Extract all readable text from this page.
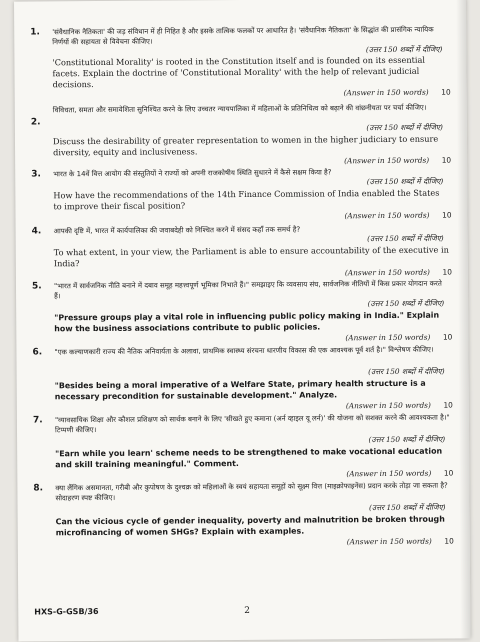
1. 'संवैधानिक नैतिकता' की जड़ संविधान में ही निहित है और इसके तात्विक फलकों पर आधारित है। 'संवैधानिक नैतिकता' के सिद्धांत की प्रासंगिक न्यायिक निर्णयों की सहायता से विवेचना कीजिए।
(उत्तर 150 शब्दों में दीजिए)
'Constitutional Morality' is rooted in the Constitution itself and is founded on its essential facets. Explain the doctrine of 'Constitutional Morality' with the help of relevant judicial decisions.
(Answer in 150 words) 10
2.
विविधता, समता और समावेशिता सुनिश्चित करने के लिए उच्चतर न्यायपालिका में महिलाओं के प्रतिनिधित्व को बढ़ाने की वांछनीयता पर चर्चा कीजिए।
(उत्तर 150 शब्दों में दीजिए)
Discuss the desirability of greater representation to women in the higher judiciary to ensure diversity, equity and inclusiveness.
(Answer in 150 words) 10
3. भारत के 14वें वित्त आयोग की संस्तुतियों ने राज्यों को अपनी राजकोषीय स्थिति सुधारने में कैसे सक्षम किया है?
(उत्तर 150 शब्दों में दीजिए)
How have the recommendations of the 14th Finance Commission of India enabled the States to improve their fiscal position?
(Answer in 150 words) 10
4. आपकी दृष्टि में, भारत में कार्यपालिका की जवाबदेही को निश्चित करने में संसद कहाँ तक समर्थ है?
(उत्तर 150 शब्दों में दीजिए)
To what extent, in your view, the Parliament is able to ensure accountability of the executive in India?
(Answer in 150 words) 10
5. "भारत में सार्वजनिक नीति बनाने में दबाव समूह महत्त्वपूर्ण भूमिका निभाते हैं।" समझाइए कि व्यवसाय संघ, सार्वजनिक नीतियों में किस प्रकार योगदान करते हैं।
(उत्तर 150 शब्दों में दीजिए)
"Pressure groups play a vital role in influencing public policy making in India." Explain how the business associations contribute to public policies.
(Answer in 150 words) 10
6. "एक कल्याणकारी राज्य की नैतिक अनिवार्यता के अलावा, प्राथमिक स्वास्थ्य संरचना धारणीय विकास की एक आवश्यक पूर्व शर्त है।" विश्लेषण कीजिए।
(उत्तर 150 शब्दों में दीजिए)
"Besides being a moral imperative of a Welfare State, primary health structure is a necessary precondition for sustainable development." Analyze.
(Answer in 150 words) 10
7. "व्यावसायिक शिक्षा और कौशल प्रशिक्षण को सार्थक बनाने के लिए 'सीखते हुए कमाना (अर्न व्हाइल यू लर्न)' की योजना को सशक्त करने की आवश्यकता है।" टिप्पणी कीजिए।
(उत्तर 150 शब्दों में दीजिए)
"Earn while you learn' scheme needs to be strengthened to make vocational education and skill training meaningful." Comment.
(Answer in 150 words) 10
8. क्या लैंगिक असमानता, गरीबी और कुपोषण के दुश्चक्र को महिलाओं के स्वयं सहायता समूहों को सूक्ष्म वित्त (माइक्रोफाइनेंस) प्रदान करके तोड़ा जा सकता है? सोदाहरण स्पष्ट कीजिए।
(उत्तर 150 शब्दों में दीजिए)
Can the vicious cycle of gender inequality, poverty and malnutrition be broken through microfinancing of women SHGs? Explain with examples.
(Answer in 150 words) 10
HXS-G-GSB/36	2
